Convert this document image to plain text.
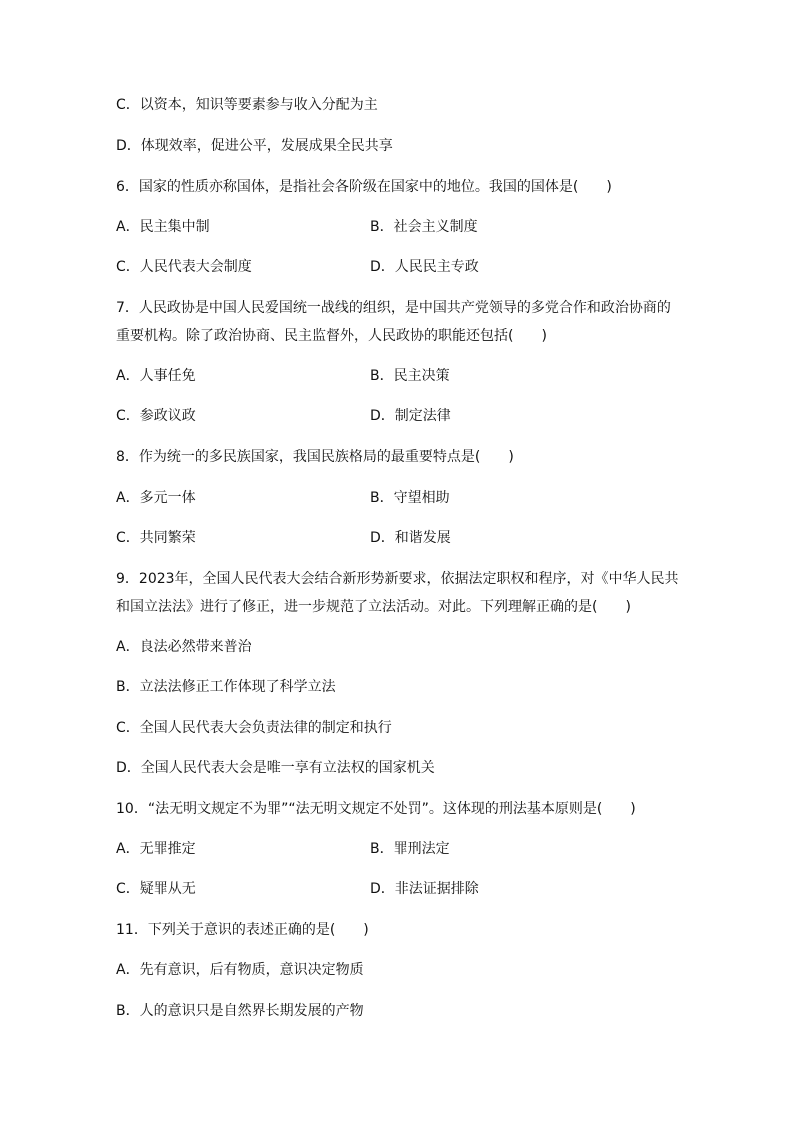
C．以资本，知识等要素参与收入分配为主
D．体现效率，促进公平，发展成果全民共享
6．国家的性质亦称国体，是指社会各阶级在国家中的地位。我国的国体是(　　)
A．民主集中制	B．社会主义制度
C．人民代表大会制度	D．人民民主专政
7．人民政协是中国人民爱国统一战线的组织，是中国共产党领导的多党合作和政治协商的
重要机构。除了政治协商、民主监督外，人民政协的职能还包括(　　)
A．人事任免	B．民主决策
C．参政议政	D．制定法律
8．作为统一的多民族国家，我国民族格局的最重要特点是(　　)
A．多元一体	B．守望相助
C．共同繁荣	D．和谐发展
9．2023年，全国人民代表大会结合新形势新要求，依据法定职权和程序，对《中华人民共
和国立法法》进行了修正，进一步规范了立法活动。对此。下列理解正确的是(　　)
A．良法必然带来普治
B．立法法修正工作体现了科学立法
C．全国人民代表大会负责法律的制定和执行
D．全国人民代表大会是唯一享有立法权的国家机关
10．“法无明文规定不为罪”“法无明文规定不处罚”。这体现的刑法基本原则是(　　)
A．无罪推定	B．罪刑法定
C．疑罪从无	D．非法证据排除
11．下列关于意识的表述正确的是(　　)
A．先有意识，后有物质，意识决定物质
B．人的意识只是自然界长期发展的产物
